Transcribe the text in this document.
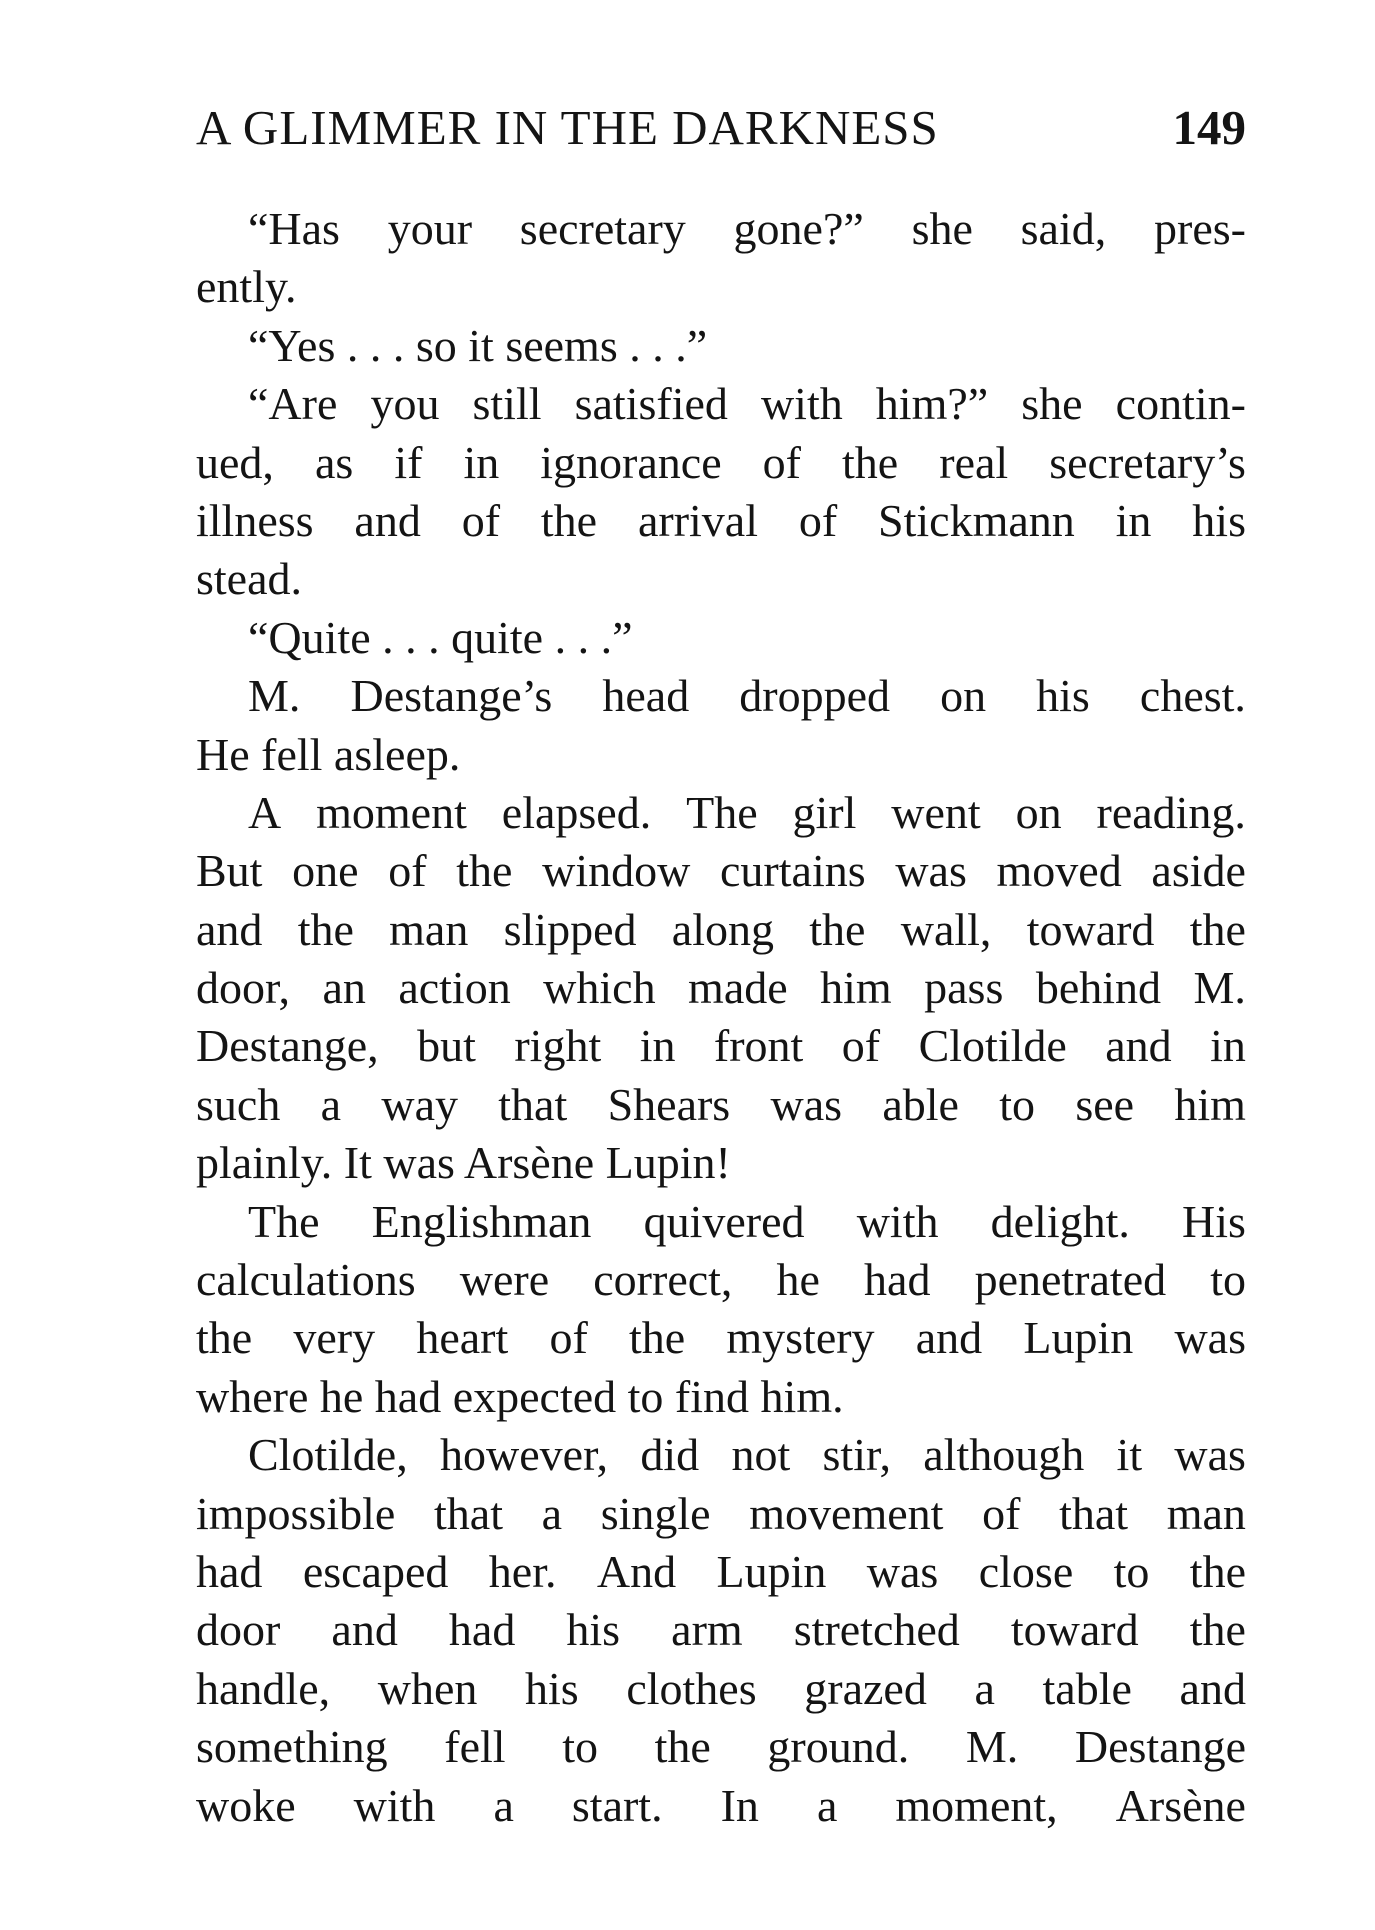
A GLIMMER IN THE DARKNESS	149
“Has your secretary gone?” she said, pres-
ently.
“Yes . . . so it seems . . .”
“Are you still satisfied with him?” she contin-
ued, as if in ignorance of the real secretary’s
illness and of the arrival of Stickmann in his
stead.
“Quite . . . quite . . .”
M. Destange’s head dropped on his chest.
He fell asleep.
A moment elapsed. The girl went on reading.
But one of the window curtains was moved aside
and the man slipped along the wall, toward the
door, an action which made him pass behind M.
Destange, but right in front of Clotilde and in
such a way that Shears was able to see him
plainly. It was Arsène Lupin!
The Englishman quivered with delight. His
calculations were correct, he had penetrated to
the very heart of the mystery and Lupin was
where he had expected to find him.
Clotilde, however, did not stir, although it was
impossible that a single movement of that man
had escaped her. And Lupin was close to the
door and had his arm stretched toward the
handle, when his clothes grazed a table and
something fell to the ground. M. Destange
woke with a start. In a moment, Arsène
